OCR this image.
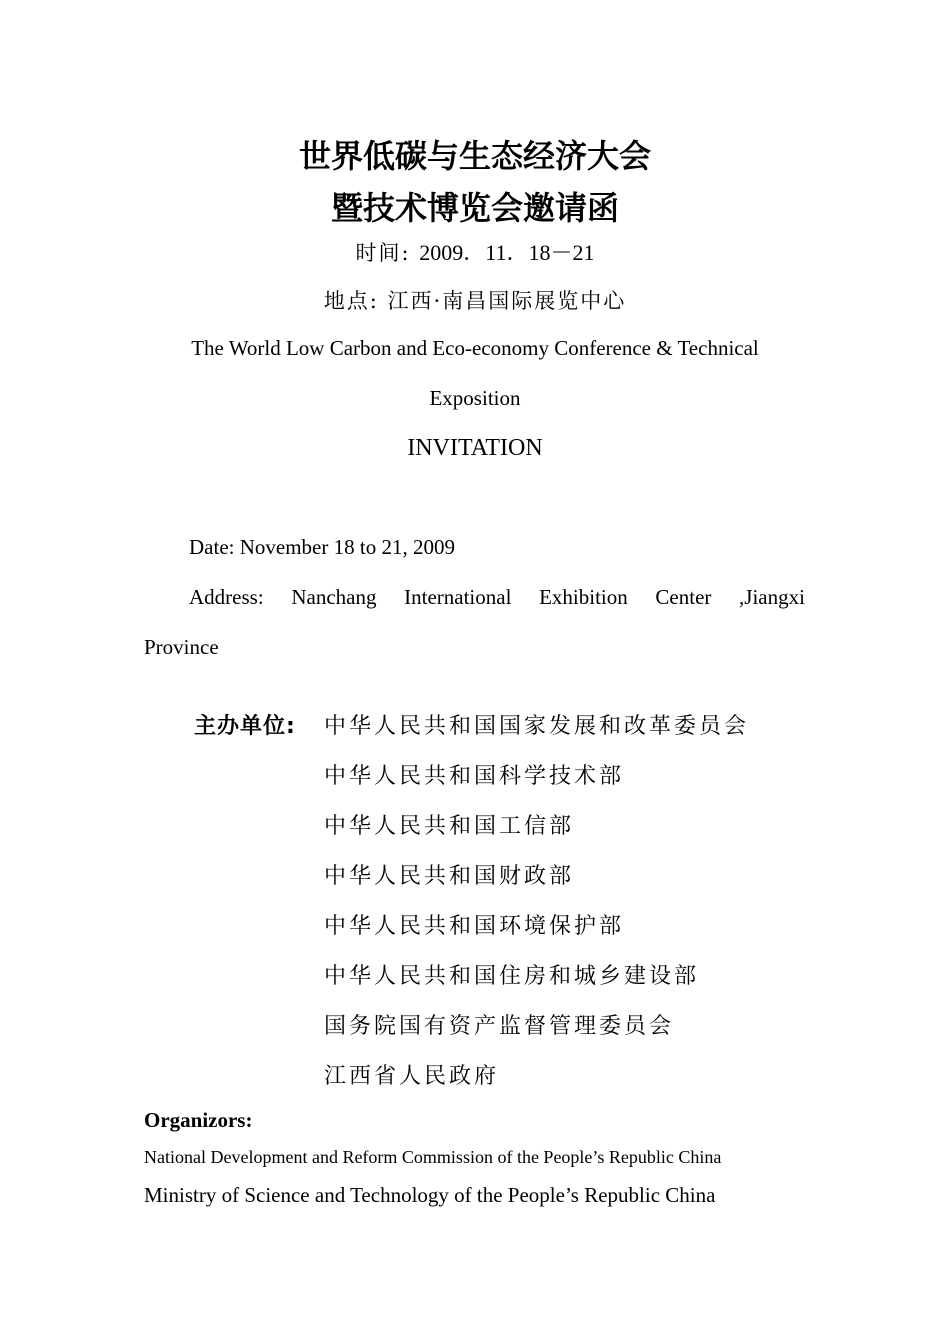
世界低碳与生态经济大会
暨技术博览会邀请函
时间: 2009．11．18－21
地点: 江西·南昌国际展览中心
The World Low Carbon and Eco-economy Conference & Technical
Exposition
INVITATION
Date: November 18 to 21, 2009
Address: Nanchang International Exhibition Center ,Jiangxi
Province
主办单位: 中华人民共和国国家发展和改革委员会
中华人民共和国科学技术部
中华人民共和国工信部
中华人民共和国财政部
中华人民共和国环境保护部
中华人民共和国住房和城乡建设部
国务院国有资产监督管理委员会
江西省人民政府
Organizors:
National Development and Reform Commission of the People’s Republic China
Ministry of Science and Technology of the People’s Republic China
